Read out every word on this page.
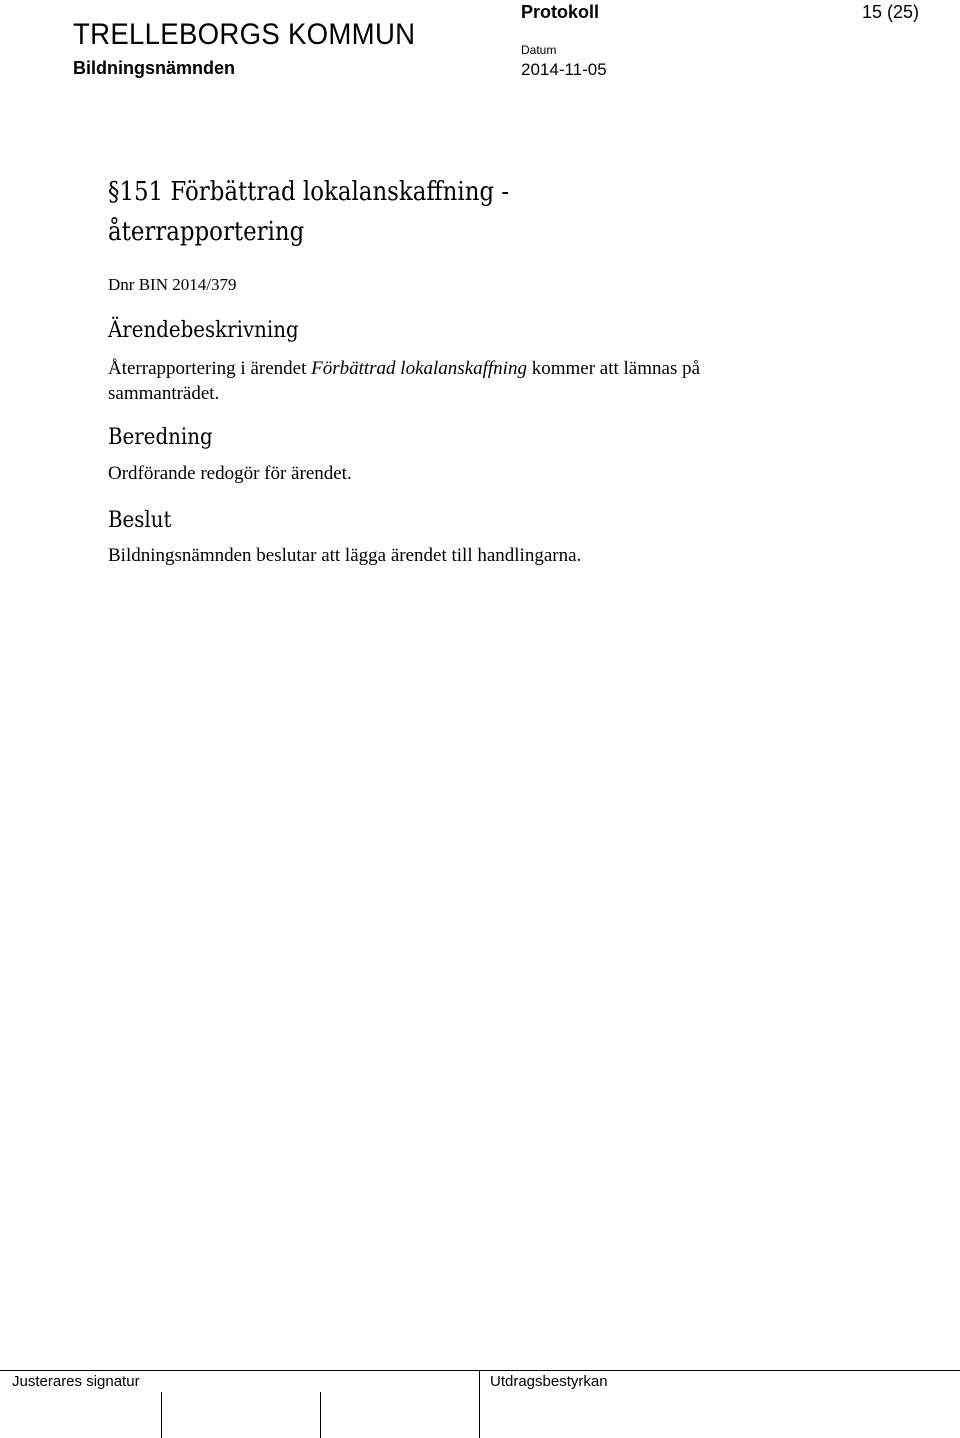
TRELLEBORGS KOMMUN
Bildningsnämnden
Protokoll	15 (25)
Datum
2014-11-05
§151 Förbättrad lokalanskaffning - återrapportering
Dnr BIN 2014/379
Ärendebeskrivning
Återrapportering i ärendet Förbättrad lokalanskaffning kommer att lämnas på sammanträdet.
Beredning
Ordförande redogör för ärendet.
Beslut
Bildningsnämnden beslutar att lägga ärendet till handlingarna.
Justerares signatur	Utdragsbestyrkan
